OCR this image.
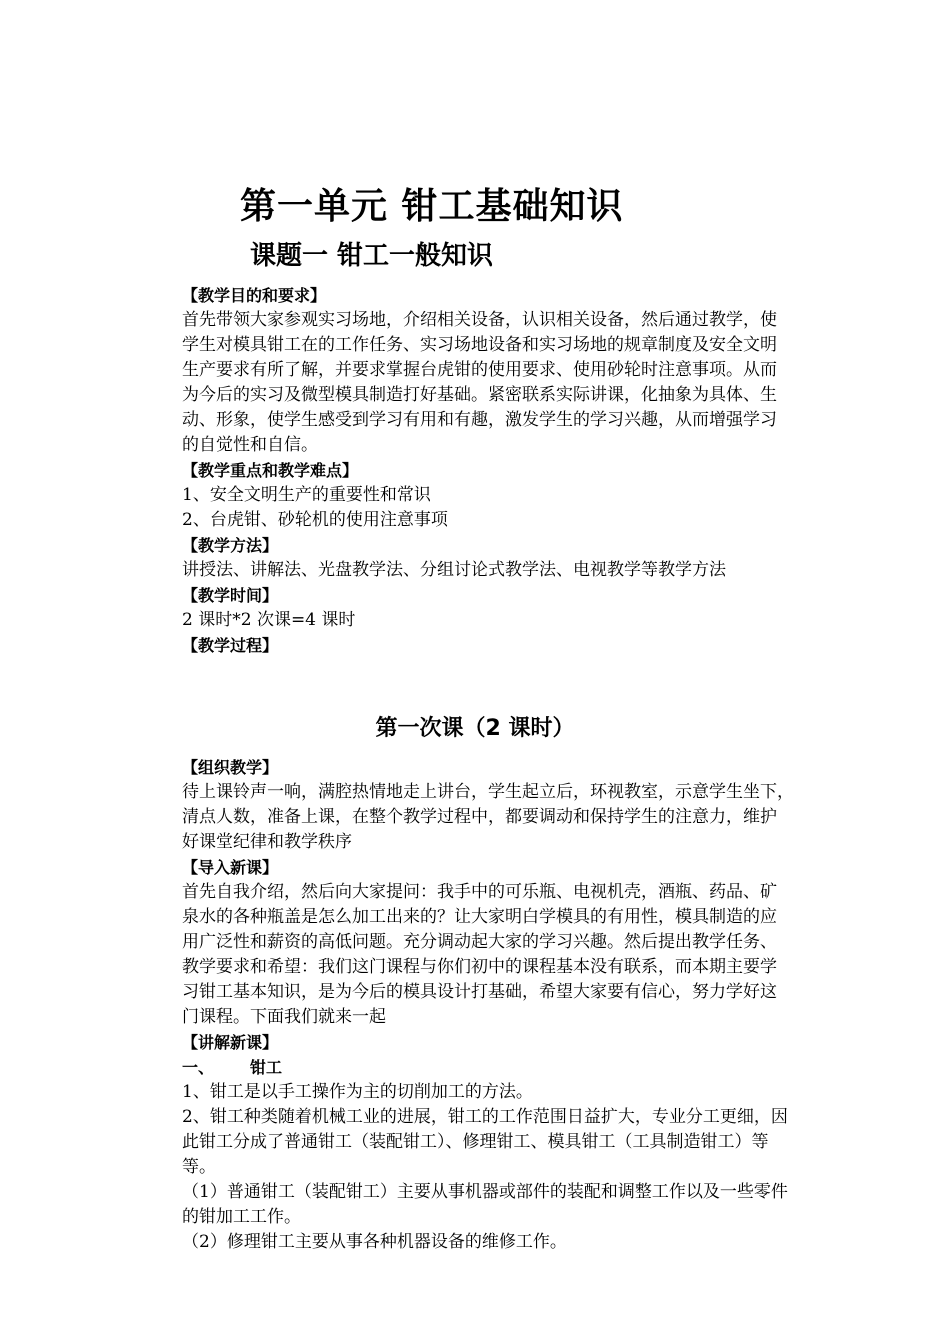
第一单元 钳工基础知识
课题一 钳工一般知识
【教学目的和要求】
首先带领大家参观实习场地，介绍相关设备，认识相关设备，然后通过教学，使
学生对模具钳工在的工作任务、实习场地设备和实习场地的规章制度及安全文明
生产要求有所了解，并要求掌握台虎钳的使用要求、使用砂轮时注意事项。从而
为今后的实习及微型模具制造打好基础。紧密联系实际讲课，化抽象为具体、生
动、形象，使学生感受到学习有用和有趣，激发学生的学习兴趣，从而增强学习
的自觉性和自信。
【教学重点和教学难点】
1、安全文明生产的重要性和常识
2、台虎钳、砂轮机的使用注意事项
【教学方法】
讲授法、讲解法、光盘教学法、分组讨论式教学法、电视教学等教学方法
【教学时间】
2 课时*2 次课=4 课时
【教学过程】
第一次课（2 课时）
【组织教学】
待上课铃声一响，满腔热情地走上讲台，学生起立后，环视教室，示意学生坐下，
清点人数，准备上课，在整个教学过程中，都要调动和保持学生的注意力，维护
好课堂纪律和教学秩序
【导入新课】
首先自我介绍，然后向大家提问：我手中的可乐瓶、电视机壳，酒瓶、药品、矿
泉水的各种瓶盖是怎么加工出来的？让大家明白学模具的有用性，模具制造的应
用广泛性和薪资的高低问题。充分调动起大家的学习兴趣。然后提出教学任务、
教学要求和希望：我们这门课程与你们初中的课程基本没有联系，而本期主要学
习钳工基本知识，是为今后的模具设计打基础，希望大家要有信心，努力学好这
门课程。下面我们就来一起
【讲解新课】
一、 钳工
1、钳工是以手工操作为主的切削加工的方法。
2、钳工种类随着机械工业的进展，钳工的工作范围日益扩大，专业分工更细，因
此钳工分成了普通钳工（装配钳工）、修理钳工、模具钳工（工具制造钳工）等
等。
（1）普通钳工（装配钳工）主要从事机器或部件的装配和调整工作以及一些零件
的钳加工工作。
（2）修理钳工主要从事各种机器设备的维修工作。
